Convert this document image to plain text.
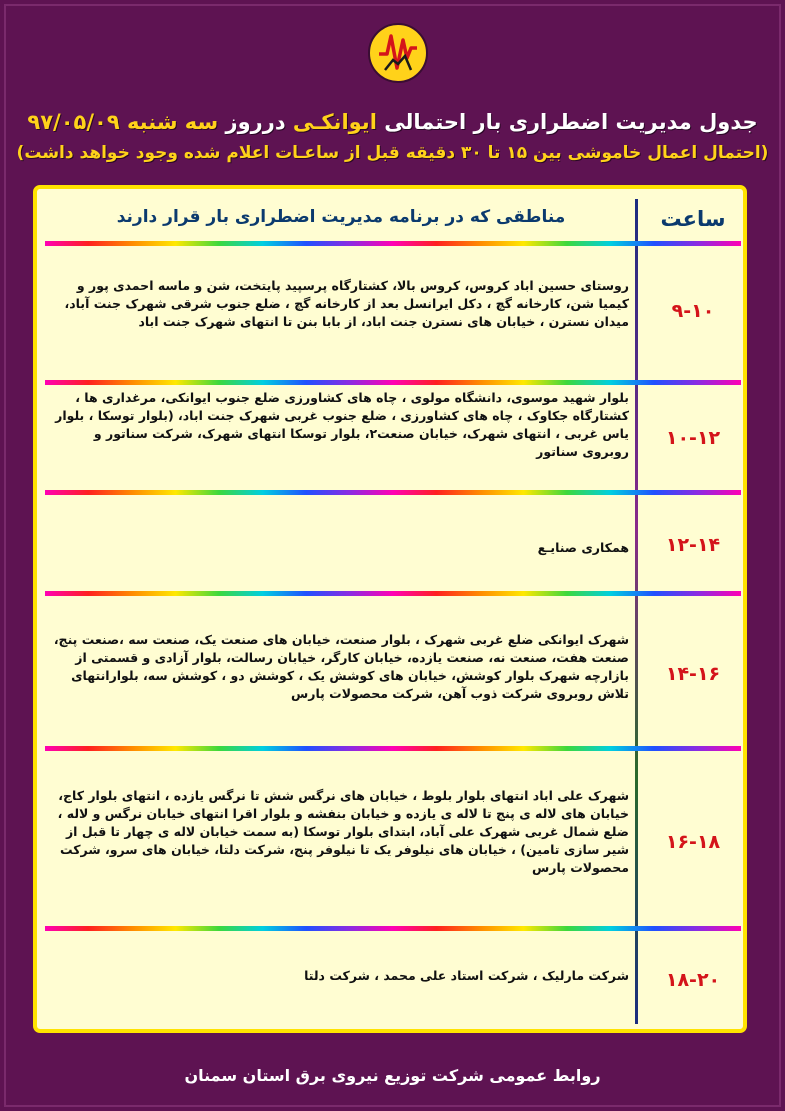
جدول مدیریت اضطراری بار احتمالی ایوانکـی درروز سه شنبه ۹۷/۰۵/۰۹
(احتمال اعمال خاموشی بین ۱۵ تا ۳۰ دقیقه قبل از ساعـات اعلام شده وجود خواهد داشت)
ساعت
مناطقی که در برنامه مدیریت اضطراری بار قرار دارند
۹-۱۰
روستای حسین اباد کروس، کروس بالا، کشتارگاه پرسپید پایتخت، شن و ماسه احمدی پور و کیمیا شن، کارخانه گچ ، دکل ایرانسل بعد از کارخانه گچ ، ضلع جنوب شرقی شهرک جنت آباد، میدان نسترن ، خیابان های نسترن جنت اباد، از بابا بنن تا انتهای شهرک جنت اباد
۱۰-۱۲
بلوار شهید موسوی، دانشگاه مولوی ، چاه های کشاورزی ضلع جنوب ایوانکی، مرغداری ها ، کشتارگاه جکاوک ، چاه های کشاورزی ، ضلع جنوب غربی شهرک جنت اباد، (بلوار توسکا ، بلوار یاس غربی ، انتهای شهرک، خیابان صنعت۲، بلوار توسکا انتهای شهرک، شرکت سناتور و روبروی سناتور
۱۲-۱۴
همکاری صنایـع
۱۴-۱۶
شهرک ایوانکی ضلع غربی شهرک ، بلوار صنعت، خیابان های صنعت یک، صنعت سه ،صنعت پنج، صنعت هفت، صنعت نه، صنعت یازده، خیابان کارگر، خیابان رسالت، بلوار آزادی و قسمتی از بازارچه شهرک بلوار کوشش، خیابان های کوشش یک ، کوشش دو ، کوشش سه، بلوارانتهای تلاش روبروی شرکت ذوب آهن، شرکت محصولات پارس
۱۶-۱۸
شهرک علی اباد انتهای بلوار بلوط ، خیابان های نرگس شش تا نرگس یازده ، انتهای بلوار کاج، خیابان های لاله ی پنج تا لاله ی یازده و خیابان بنفشه و بلوار اقرا انتهای خیابان نرگس و لاله ، ضلع شمال غربی شهرک علی آباد، ابتدای بلوار توسکا (به سمت خیابان لاله ی چهار تا قبل از شیر سازی تامین) ، خیابان های نیلوفر یک تا نیلوفر پنج، شرکت دلتا، خیابان های سرو، شرکت محصولات پارس
۱۸-۲۰
شرکت مارلیک ، شرکت استاد علی محمد ، شرکت دلتا
روابط عمومی شرکت توزیع نیروی برق استان سمنان
